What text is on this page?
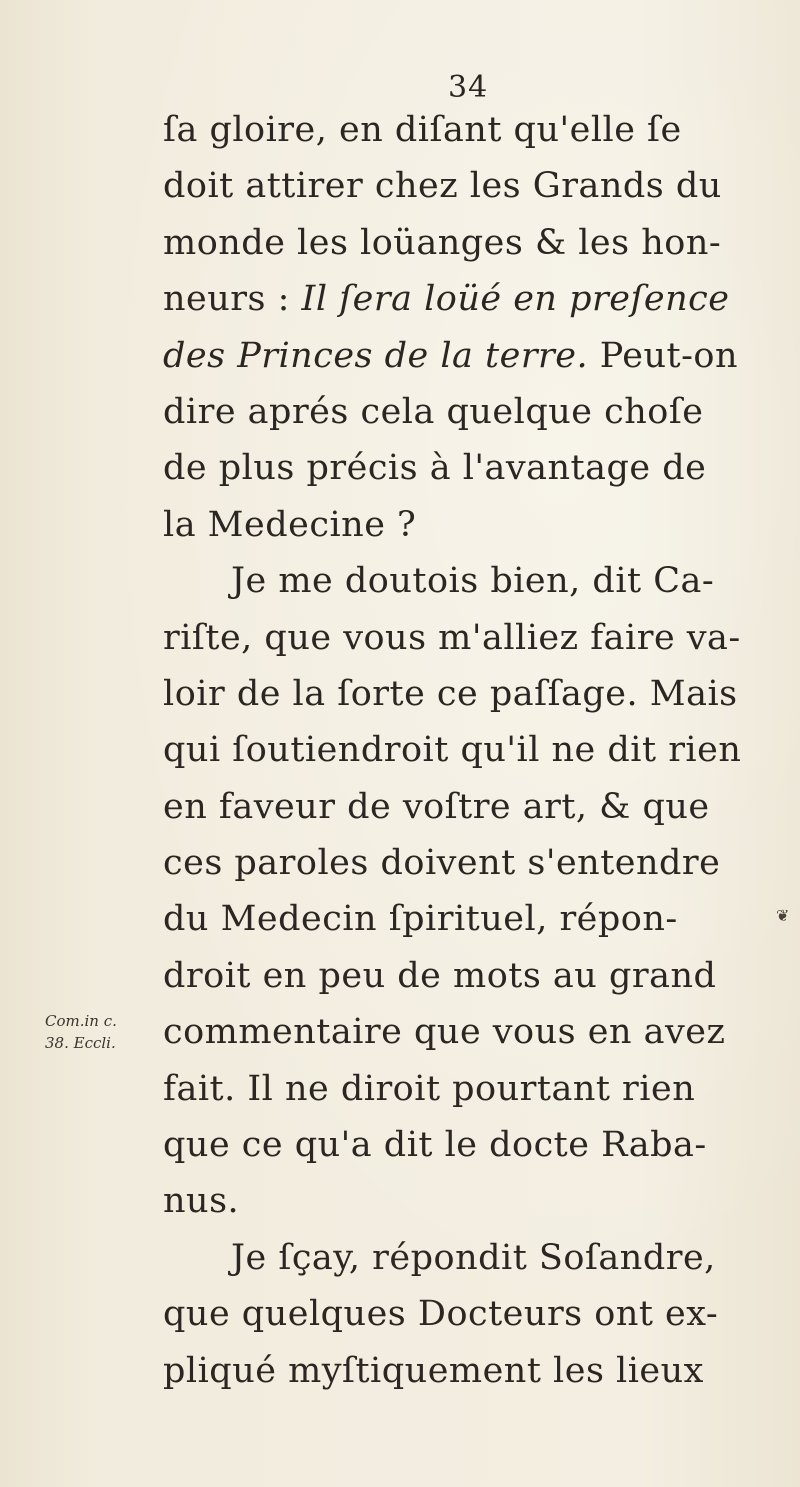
34
ſa gloire, en diſant qu'elle ſe
doit attirer chez les Grands du
monde les loüanges & les hon-
neurs : Il ſera loüé en preſence
des Princes de la terre. Peut-on
dire aprés cela quelque choſe
de plus précis à l'avantage de
la Medecine ?
Je me doutois bien, dit Ca-
riſte, que vous m'alliez faire va-
loir de la ſorte ce paſſage. Mais
qui ſoutiendroit qu'il ne dit rien
en faveur de voſtre art, & que
ces paroles doivent s'entendre
du Medecin ſpirituel, répon-
droit en peu de mots au grand
commentaire que vous en avez
fait. Il ne diroit pourtant rien
que ce qu'a dit le docte Raba-
nus.
Je ſçay, répondit Soſandre,
que quelques Docteurs ont ex-
pliqué myſtiquement les lieux
Com.in c.
38. Eccli.
❦
